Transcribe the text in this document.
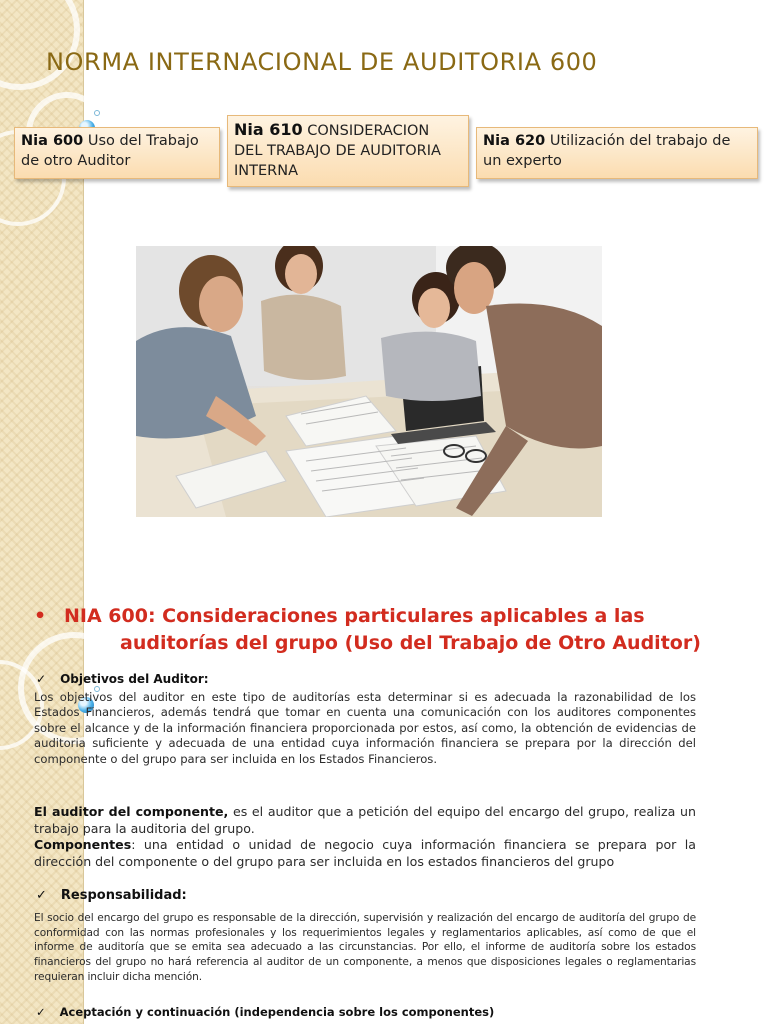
NORMA INTERNACIONAL DE AUDITORIA 600
Nia 600 Uso del Trabajo de otro Auditor
Nia 610 CONSIDERACION DEL TRABAJO DE AUDITORIA INTERNA
Nia 620 Utilización del trabajo de un experto
• NIA 600: Consideraciones particulares aplicables a las
auditorías del grupo (Uso del Trabajo de Otro Auditor)
✓ Objetivos del Auditor:
Los objetivos del auditor en este tipo de auditorías esta determinar si es adecuada la razonabilidad de los Estados Financieros, además tendrá que tomar en cuenta una comunicación con los auditores componentes sobre el alcance y de la información financiera proporcionada por estos, así como, la obtención de evidencias de auditoria suficiente y adecuada de una entidad cuya información financiera se prepara por la dirección del componente o del grupo para ser incluida en los Estados Financieros.
El auditor del componente, es el auditor que a petición del equipo del encargo del grupo, realiza un trabajo para la auditoria del grupo.
Componentes: una entidad o unidad de negocio cuya información financiera se prepara por la dirección del componente o del grupo para ser incluida en los estados financieros del grupo
✓ Responsabilidad:
El socio del encargo del grupo es responsable de la dirección, supervisión y realización del encargo de auditoría del grupo de conformidad con las normas profesionales y los requerimientos legales y reglamentarios aplicables, así como de que el informe de auditoría que se emita sea adecuado a las circunstancias. Por ello, el informe de auditoría sobre los estados financieros del grupo no hará referencia al auditor de un componente, a menos que disposiciones legales o reglamentarias requieran incluir dicha mención.
✓ Aceptación y continuación (independencia sobre los componentes)
